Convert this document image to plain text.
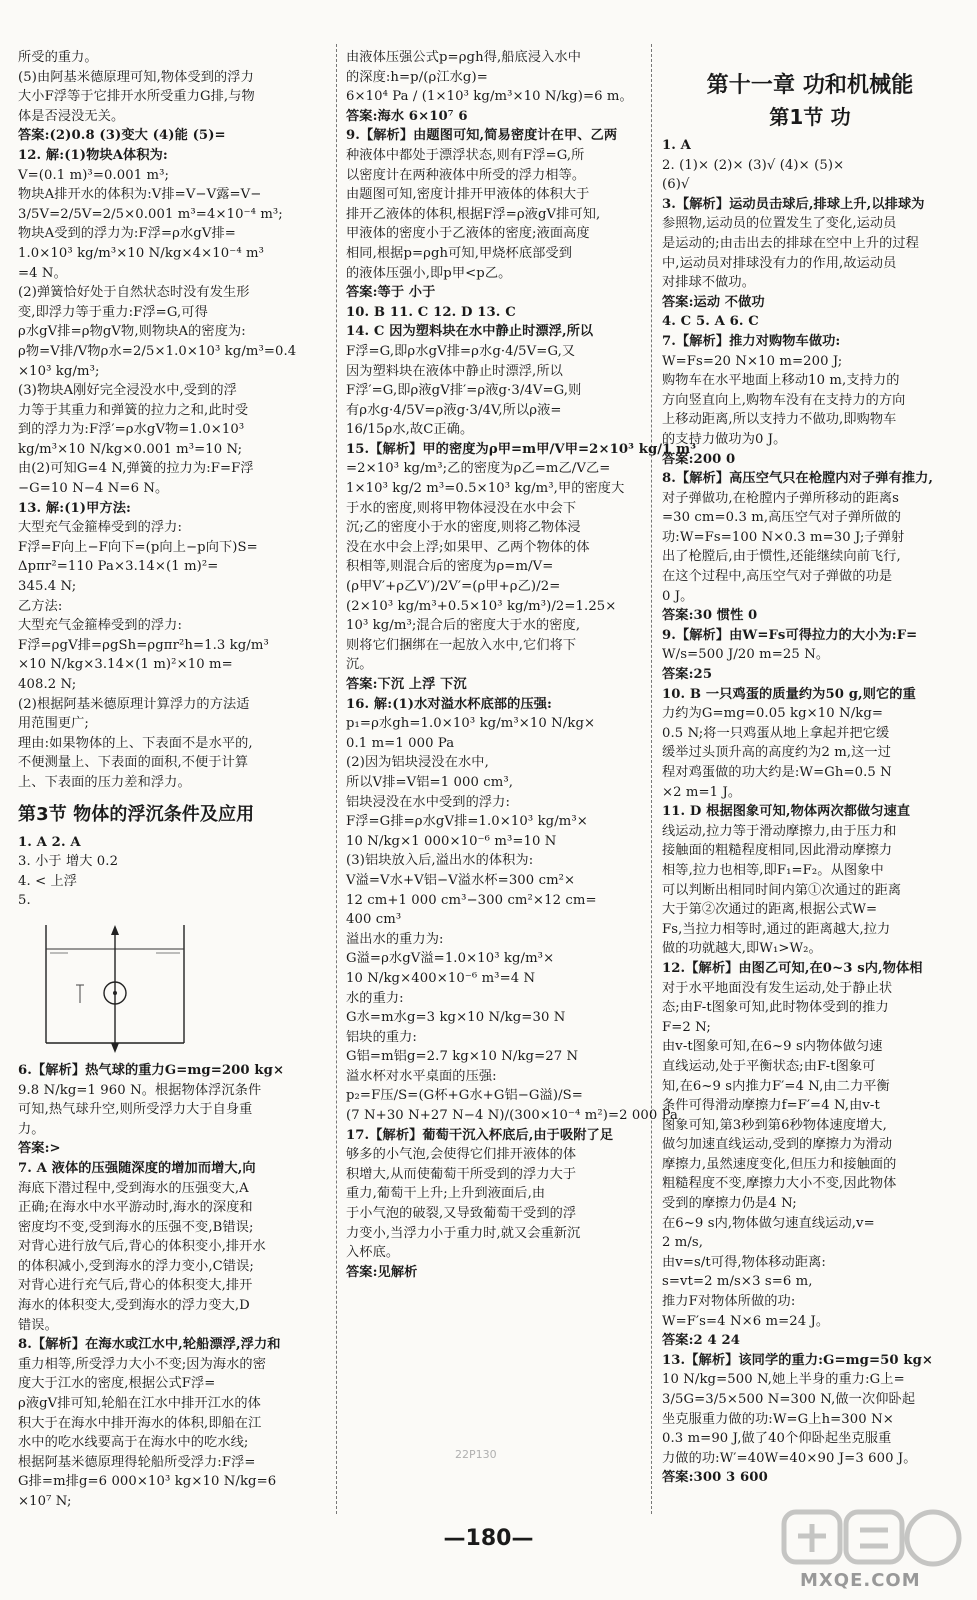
所受的重力。
(5)由阿基米德原理可知,物体受到的浮力
大小F浮等于它排开水所受重力G排,与物
体是否浸没无关。
答案:(2)0.8 (3)变大 (4)能 (5)=
12. 解:(1)物块A体积为:
V=(0.1 m)³=0.001 m³;
物块A排开水的体积为:V排=V−V露=V−
3/5V=2/5V=2/5×0.001 m³=4×10⁻⁴ m³;
物块A受到的浮力为:F浮=ρ水gV排=
1.0×10³ kg/m³×10 N/kg×4×10⁻⁴ m³
=4 N。
(2)弹簧恰好处于自然状态时没有发生形
变,即浮力等于重力:F浮=G,可得
ρ水gV排=ρ物gV物,则物块A的密度为:
ρ物=V排/V物ρ水=2/5×1.0×10³ kg/m³=0.4
×10³ kg/m³;
(3)物块A刚好完全浸没水中,受到的浮
力等于其重力和弹簧的拉力之和,此时受
到的浮力为:F浮′=ρ水gV物=1.0×10³
kg/m³×10 N/kg×0.001 m³=10 N;
由(2)可知G=4 N,弹簧的拉力为:F=F浮
−G=10 N−4 N=6 N。
13. 解:(1)甲方法:
大型充气金箍棒受到的浮力:
F浮=F向上−F向下=(p向上−p向下)S=
Δpπr²=110 Pa×3.14×(1 m)²=
345.4 N;
乙方法:
大型充气金箍棒受到的浮力:
F浮=ρgV排=ρgSh=ρgπr²h=1.3 kg/m³
×10 N/kg×3.14×(1 m)²×10 m=
408.2 N;
(2)根据阿基米德原理计算浮力的方法适
用范围更广;
理由:如果物体的上、下表面不是水平的,
不便测量上、下表面的面积,不便于计算
上、下表面的压力差和浮力。
第3节 物体的浮沉条件及应用
1. A 2. A
3. 小于 增大 0.2
4. < 上浮
5.
6.【解析】热气球的重力G=mg=200 kg×
9.8 N/kg=1 960 N。根据物体浮沉条件
可知,热气球升空,则所受浮力大于自身重
力。
答案:>
7. A 液体的压强随深度的增加而增大,向
海底下潜过程中,受到海水的压强变大,A
正确;在海水中水平游动时,海水的深度和
密度均不变,受到海水的压强不变,B错误;
对背心进行放气后,背心的体积变小,排开水
的体积减小,受到海水的浮力变小,C错误;
对背心进行充气后,背心的体积变大,排开
海水的体积变大,受到海水的浮力变大,D
错误。
8.【解析】在海水或江水中,轮船漂浮,浮力和
重力相等,所受浮力大小不变;因为海水的密
度大于江水的密度,根据公式F浮=
ρ液gV排可知,轮船在江水中排开江水的体
积大于在海水中排开海水的体积,即船在江
水中的吃水线要高于在海水中的吃水线;
根据阿基米德原理得轮船所受浮力:F浮=
G排=m排g=6 000×10³ kg×10 N/kg=6
×10⁷ N;
由液体压强公式p=ρgh得,船底浸入水中
的深度:h=p/(ρ江水g)=
6×10⁴ Pa / (1×10³ kg/m³×10 N/kg)=6 m。
答案:海水 6×10⁷ 6
9.【解析】由题图可知,简易密度计在甲、乙两
种液体中都处于漂浮状态,则有F浮=G,所
以密度计在两种液体中所受的浮力相等。
由题图可知,密度计排开甲液体的体积大于
排开乙液体的体积,根据F浮=ρ液gV排可知,
甲液体的密度小于乙液体的密度;液面高度
相同,根据p=ρgh可知,甲烧杯底部受到
的液体压强小,即p甲<p乙。
答案:等于 小于
10. B 11. C 12. D 13. C
14. C 因为塑料块在水中静止时漂浮,所以
F浮=G,即ρ水gV排=ρ水g·4/5V=G,又
因为塑料块在液体中静止时漂浮,所以
F浮′=G,即ρ液gV排′=ρ液g·3/4V=G,则
有ρ水g·4/5V=ρ液g·3/4V,所以ρ液=
16/15ρ水,故C正确。
15.【解析】甲的密度为ρ甲=m甲/V甲=2×10³ kg/1 m³
=2×10³ kg/m³;乙的密度为ρ乙=m乙/V乙=
1×10³ kg/2 m³=0.5×10³ kg/m³,甲的密度大
于水的密度,则将甲物体浸没在水中会下
沉;乙的密度小于水的密度,则将乙物体浸
没在水中会上浮;如果甲、乙两个物体的体
积相等,则混合后的密度为ρ=m/V=
(ρ甲V′+ρ乙V′)/2V′=(ρ甲+ρ乙)/2=
(2×10³ kg/m³+0.5×10³ kg/m³)/2=1.25×
10³ kg/m³;混合后的密度大于水的密度,
则将它们捆绑在一起放入水中,它们将下
沉。
答案:下沉 上浮 下沉
16. 解:(1)水对溢水杯底部的压强:
p₁=ρ水gh=1.0×10³ kg/m³×10 N/kg×
0.1 m=1 000 Pa
(2)因为铝块浸没在水中,
所以V排=V铝=1 000 cm³,
铝块浸没在水中受到的浮力:
F浮=G排=ρ水gV排=1.0×10³ kg/m³×
10 N/kg×1 000×10⁻⁶ m³=10 N
(3)铝块放入后,溢出水的体积为:
V溢=V水+V铝−V溢水杯=300 cm²×
12 cm+1 000 cm³−300 cm²×12 cm=
400 cm³
溢出水的重力为:
G溢=ρ水gV溢=1.0×10³ kg/m³×
10 N/kg×400×10⁻⁶ m³=4 N
水的重力:
G水=m水g=3 kg×10 N/kg=30 N
铝块的重力:
G铝=m铝g=2.7 kg×10 N/kg=27 N
溢水杯对水平桌面的压强:
p₂=F压/S=(G杯+G水+G铝−G溢)/S=
(7 N+30 N+27 N−4 N)/(300×10⁻⁴ m²)=2 000 Pa
17.【解析】葡萄干沉入杯底后,由于吸附了足
够多的小气泡,会使得它们排开液体的体
积增大,从而使葡萄干所受到的浮力大于
重力,葡萄干上升;上升到液面后,由
于小气泡的破裂,又导致葡萄干受到的浮
力变小,当浮力小于重力时,就又会重新沉
入杯底。
答案:见解析
第十一章 功和机械能
第1节 功
1. A
2. (1)× (2)× (3)√ (4)× (5)×
(6)√
3.【解析】运动员击球后,排球上升,以排球为
参照物,运动员的位置发生了变化,运动员
是运动的;由击出去的排球在空中上升的过程
中,运动员对排球没有力的作用,故运动员
对排球不做功。
答案:运动 不做功
4. C 5. A 6. C
7.【解析】推力对购物车做功:
W=Fs=20 N×10 m=200 J;
购物车在水平地面上移动10 m,支持力的
方向竖直向上,购物车没有在支持力的方向
上移动距离,所以支持力不做功,即购物车
的支持力做功为0 J。
答案:200 0
8.【解析】高压空气只在枪膛内对子弹有推力,
对子弹做功,在枪膛内子弹所移动的距离s
=30 cm=0.3 m,高压空气对子弹所做的
功:W=Fs=100 N×0.3 m=30 J;子弹射
出了枪膛后,由于惯性,还能继续向前飞行,
在这个过程中,高压空气对子弹做的功是
0 J。
答案:30 惯性 0
9.【解析】由W=Fs可得拉力的大小为:F=
W/s=500 J/20 m=25 N。
答案:25
10. B 一只鸡蛋的质量约为50 g,则它的重
力约为G=mg=0.05 kg×10 N/kg=
0.5 N;将一只鸡蛋从地上拿起并把它缓
缓举过头顶升高的高度约为2 m,这一过
程对鸡蛋做的功大约是:W=Gh=0.5 N
×2 m=1 J。
11. D 根据图象可知,物体两次都做匀速直
线运动,拉力等于滑动摩擦力,由于压力和
接触面的粗糙程度相同,因此滑动摩擦力
相等,拉力也相等,即F₁=F₂。从图象中
可以判断出相同时间内第①次通过的距离
大于第②次通过的距离,根据公式W=
Fs,当拉力相等时,通过的距离越大,拉力
做的功就越大,即W₁>W₂。
12.【解析】由图乙可知,在0~3 s内,物体相
对于水平地面没有发生运动,处于静止状
态;由F-t图象可知,此时物体受到的推力
F=2 N;
由v-t图象可知,在6~9 s内物体做匀速
直线运动,处于平衡状态;由F-t图象可
知,在6~9 s内推力F′=4 N,由二力平衡
条件可得滑动摩擦力f=F′=4 N,由v-t
图象可知,第3秒到第6秒物体速度增大,
做匀加速直线运动,受到的摩擦力为滑动
摩擦力,虽然速度变化,但压力和接触面的
粗糙程度不变,摩擦力大小不变,因此物体
受到的摩擦力仍是4 N;
在6~9 s内,物体做匀速直线运动,v=
2 m/s,
由v=s/t可得,物体移动距离:
s=vt=2 m/s×3 s=6 m,
推力F对物体所做的功:
W=F′s=4 N×6 m=24 J。
答案:2 4 24
13.【解析】该同学的重力:G=mg=50 kg×
10 N/kg=500 N,她上半身的重力:G上=
3/5G=3/5×500 N=300 N,做一次仰卧起
坐克服重力做的功:W=G上h=300 N×
0.3 m=90 J,做了40个仰卧起坐克服重
力做的功:W′=40W=40×90 J=3 600 J。
答案:300 3 600
22P130
—180—
MXQE.COM
